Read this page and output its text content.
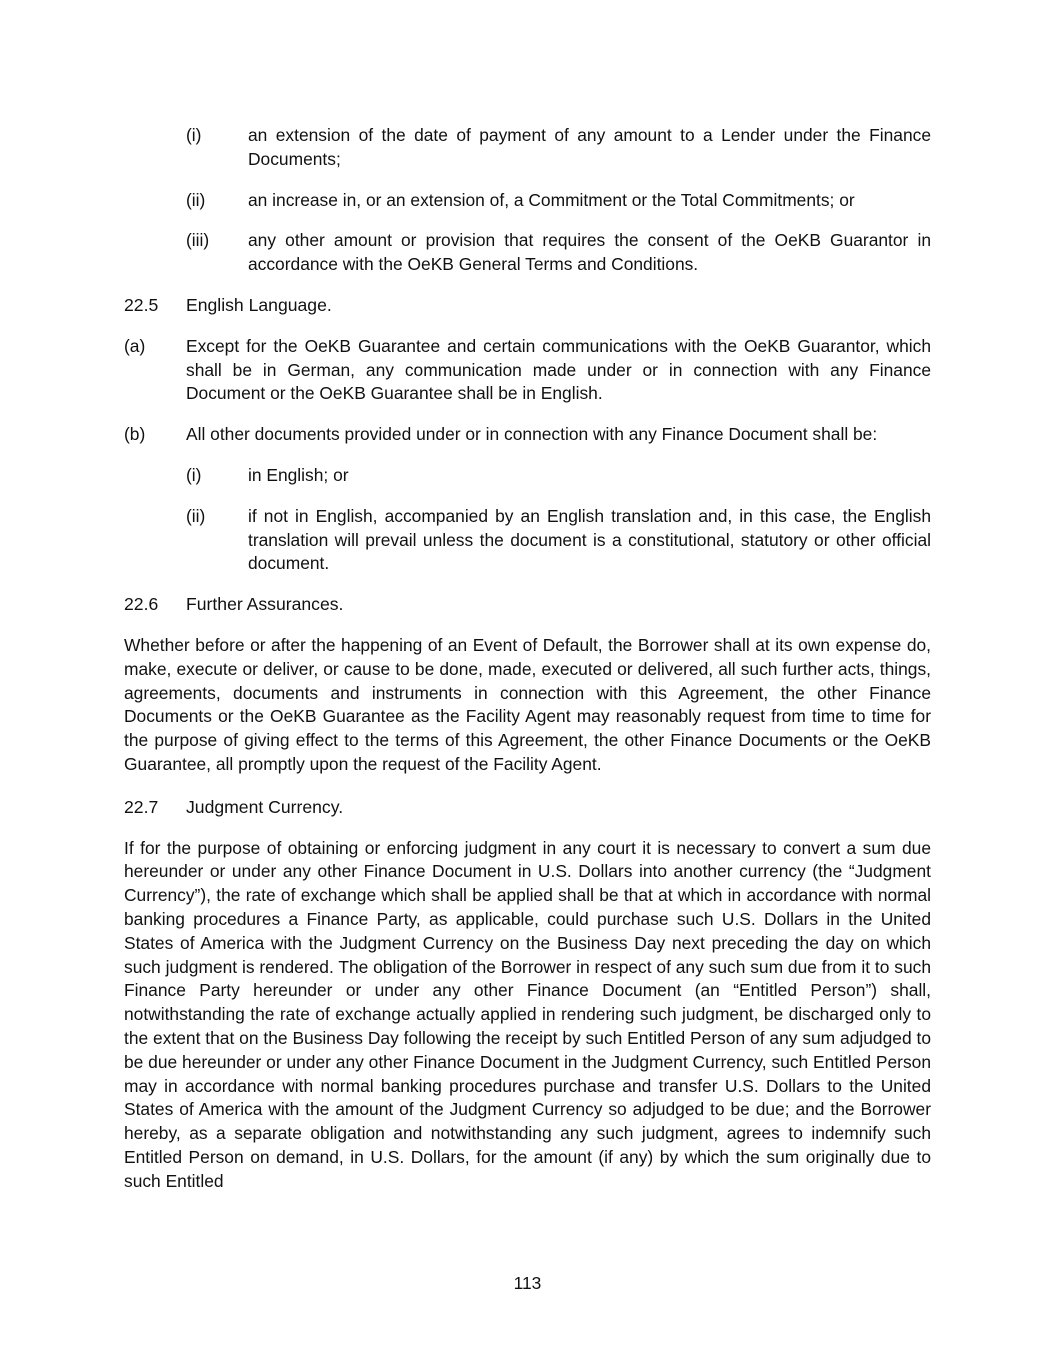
(i)	an extension of the date of payment of any amount to a Lender under the Finance Documents;
(ii)	an increase in, or an extension of, a Commitment or the Total Commitments; or
(iii)	any other amount or provision that requires the consent of the OeKB Guarantor in accordance with the OeKB General Terms and Conditions.
22.5	English Language.
(a)	Except for the OeKB Guarantee and certain communications with the OeKB Guarantor, which shall be in German, any communication made under or in connection with any Finance Document or the OeKB Guarantee shall be in English.
(b)	All other documents provided under or in connection with any Finance Document shall be:
(i)	in English; or
(ii)	if not in English, accompanied by an English translation and, in this case, the English translation will prevail unless the document is a constitutional, statutory or other official document.
22.6	Further Assurances.

Whether before or after the happening of an Event of Default, the Borrower shall at its own expense do, make, execute or deliver, or cause to be done, made, executed or delivered, all such further acts, things, agreements, documents and instruments in connection with this Agreement, the other Finance Documents or the OeKB Guarantee as the Facility Agent may reasonably request from time to time for the purpose of giving effect to the terms of this Agreement, the other Finance Documents or the OeKB Guarantee, all promptly upon the request of the Facility Agent.

22.7	Judgment Currency.

If for the purpose of obtaining or enforcing judgment in any court it is necessary to convert a sum due hereunder or under any other Finance Document in U.S. Dollars into another currency (the “Judgment Currency”), the rate of exchange which shall be applied shall be that at which in accordance with normal banking procedures a Finance Party, as applicable, could purchase such U.S. Dollars in the United States of America with the Judgment Currency on the Business Day next preceding the day on which such judgment is rendered. The obligation of the Borrower in respect of any such sum due from it to such Finance Party hereunder or under any other Finance Document (an “Entitled Person”) shall, notwithstanding the rate of exchange actually applied in rendering such judgment, be discharged only to the extent that on the Business Day following the receipt by such Entitled Person of any sum adjudged to be due hereunder or under any other Finance Document in the Judgment Currency, such Entitled Person may in accordance with normal banking procedures purchase and transfer U.S. Dollars to the United States of America with the amount of the Judgment Currency so adjudged to be due; and the Borrower hereby, as a separate obligation and notwithstanding any such judgment, agrees to indemnify such Entitled Person on demand, in U.S. Dollars, for the amount (if any) by which the sum originally due to such Entitled

113
